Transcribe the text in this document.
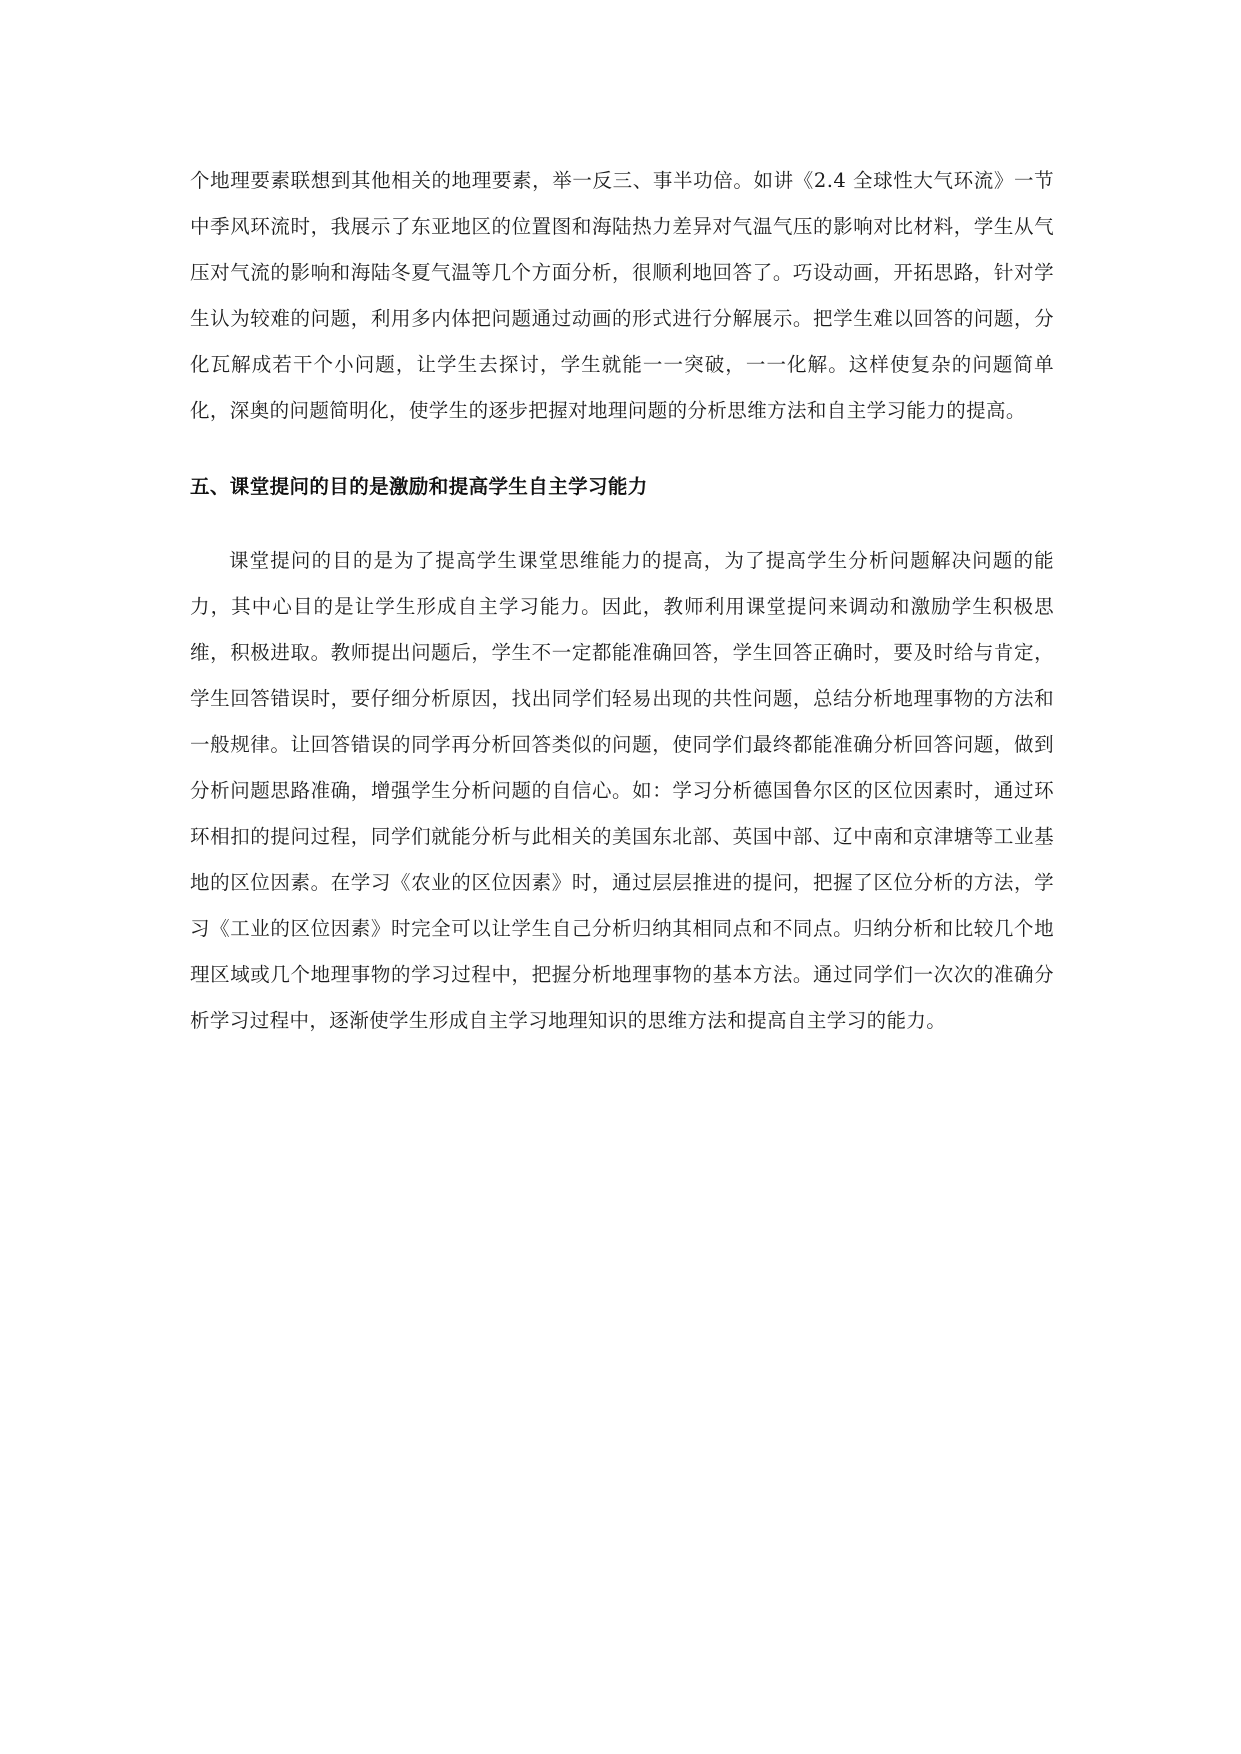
个地理要素联想到其他相关的地理要素，举一反三、事半功倍。如讲《2.4 全球性大气环流》一节中季风环流时，我展示了东亚地区的位置图和海陆热力差异对气温气压的影响对比材料，学生从气压对气流的影响和海陆冬夏气温等几个方面分析，很顺利地回答了。巧设动画，开拓思路，针对学生认为较难的问题，利用多内体把问题通过动画的形式进行分解展示。把学生难以回答的问题，分化瓦解成若干个小问题，让学生去探讨，学生就能一一突破，一一化解。这样使复杂的问题简单化，深奥的问题简明化，使学生的逐步把握对地理问题的分析思维方法和自主学习能力的提高。

五、课堂提问的目的是激励和提高学生自主学习能力

课堂提问的目的是为了提高学生课堂思维能力的提高，为了提高学生分析问题解决问题的能力，其中心目的是让学生形成自主学习能力。因此，教师利用课堂提问来调动和激励学生积极思维，积极进取。教师提出问题后，学生不一定都能准确回答，学生回答正确时，要及时给与肯定，学生回答错误时，要仔细分析原因，找出同学们轻易出现的共性问题，总结分析地理事物的方法和一般规律。让回答错误的同学再分析回答类似的问题，使同学们最终都能准确分析回答问题，做到分析问题思路准确，增强学生分析问题的自信心。如：学习分析德国鲁尔区的区位因素时，通过环环相扣的提问过程，同学们就能分析与此相关的美国东北部、英国中部、辽中南和京津塘等工业基地的区位因素。在学习《农业的区位因素》时，通过层层推进的提问，把握了区位分析的方法，学习《工业的区位因素》时完全可以让学生自己分析归纳其相同点和不同点。归纳分析和比较几个地理区域或几个地理事物的学习过程中，把握分析地理事物的基本方法。通过同学们一次次的准确分析学习过程中，逐渐使学生形成自主学习地理知识的思维方法和提高自主学习的能力。
